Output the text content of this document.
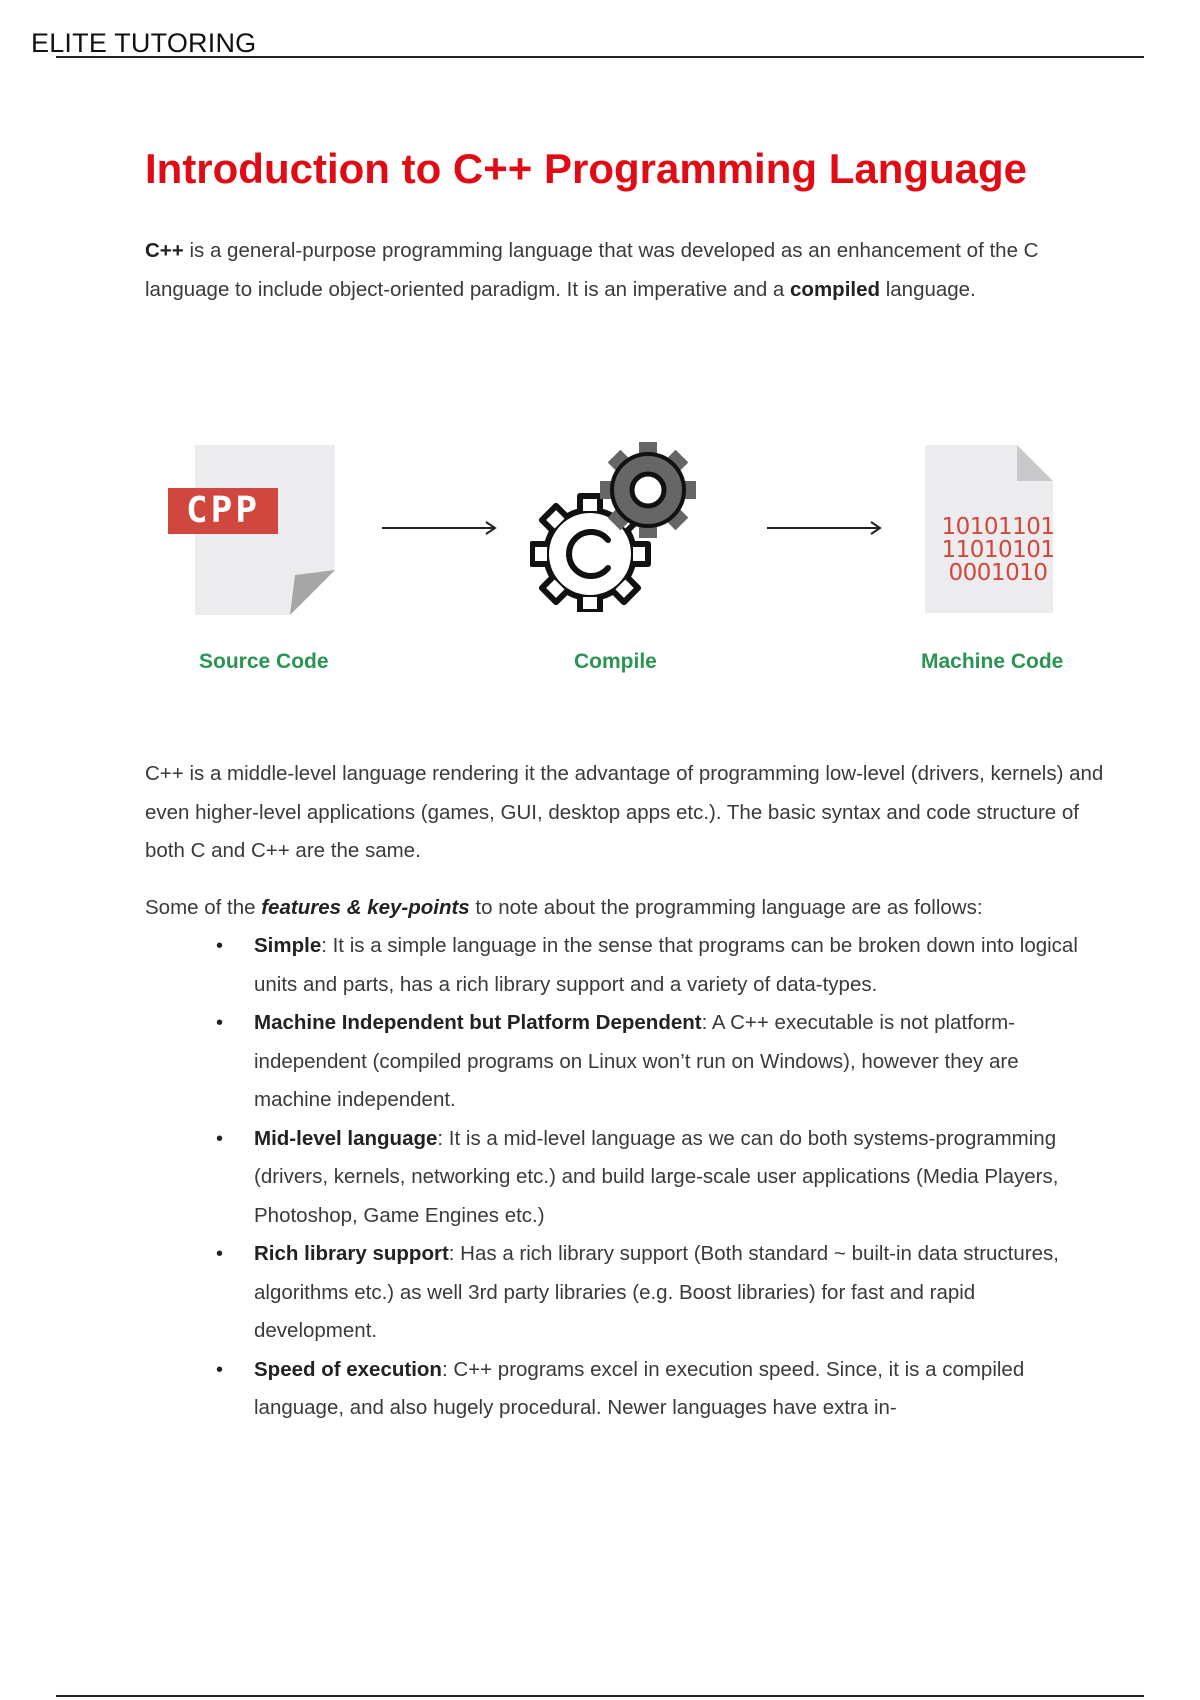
ELITE TUTORING
Introduction to C++ Programming Language
C++ is a general-purpose programming language that was developed as an enhancement of the C language to include object-oriented paradigm. It is an imperative and a compiled language.
CPP	10101101
11010101
0001010
Source Code	Compile	Machine Code
C++ is a middle-level language rendering it the advantage of programming low-level (drivers, kernels) and even higher-level applications (games, GUI, desktop apps etc.). The basic syntax and code structure of both C and C++ are the same.
Some of the features & key-points to note about the programming language are as follows:
• Simple: It is a simple language in the sense that programs can be broken down into logical units and parts, has a rich library support and a variety of data-types.
• Machine Independent but Platform Dependent: A C++ executable is not platform-independent (compiled programs on Linux won’t run on Windows), however they are machine independent.
• Mid-level language: It is a mid-level language as we can do both systems-programming (drivers, kernels, networking etc.) and build large-scale user applications (Media Players, Photoshop, Game Engines etc.)
• Rich library support: Has a rich library support (Both standard ~ built-in data structures, algorithms etc.) as well 3rd party libraries (e.g. Boost libraries) for fast and rapid development.
• Speed of execution: C++ programs excel in execution speed. Since, it is a compiled language, and also hugely procedural. Newer languages have extra in-
